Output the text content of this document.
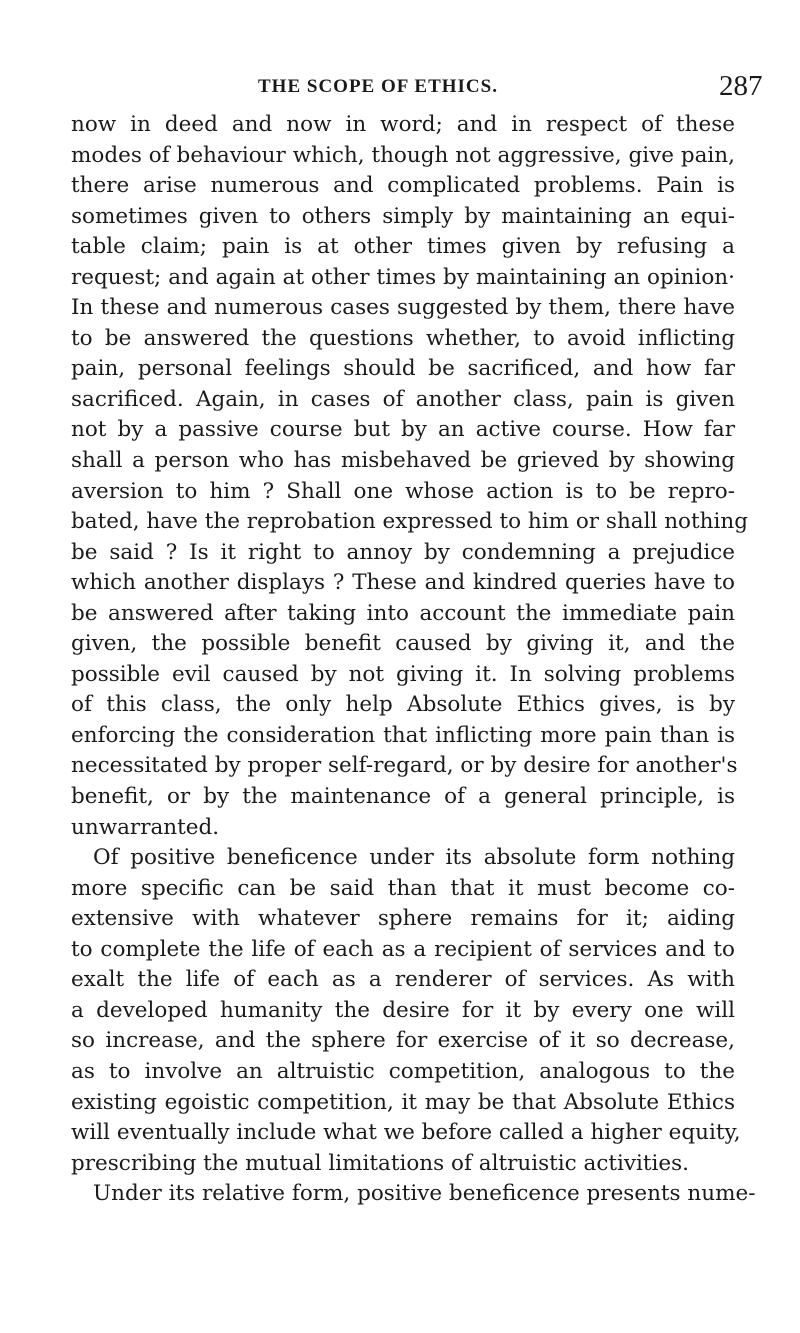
THE SCOPE OF ETHICS.	287
now in deed and now in word; and in respect of these
modes of behaviour which, though not aggressive, give pain,
there arise numerous and complicated problems. Pain is
sometimes given to others simply by maintaining an equi-
table claim; pain is at other times given by refusing a
request; and again at other times by maintaining an opinion·
In these and numerous cases suggested by them, there have
to be answered the questions whether, to avoid inflicting
pain, personal feelings should be sacrificed, and how far
sacrificed. Again, in cases of another class, pain is given
not by a passive course but by an active course. How far
shall a person who has misbehaved be grieved by showing
aversion to him ? Shall one whose action is to be repro-
bated, have the reprobation expressed to him or shall nothing
be said ? Is it right to annoy by condemning a prejudice
which another displays ? These and kindred queries have to
be answered after taking into account the immediate pain
given, the possible benefit caused by giving it, and the
possible evil caused by not giving it. In solving problems
of this class, the only help Absolute Ethics gives, is by
enforcing the consideration that inflicting more pain than is
necessitated by proper self-regard, or by desire for another's
benefit, or by the maintenance of a general principle, is
unwarranted.
Of positive beneficence under its absolute form nothing
more specific can be said than that it must become co-
extensive with whatever sphere remains for it; aiding
to complete the life of each as a recipient of services and to
exalt the life of each as a renderer of services. As with
a developed humanity the desire for it by every one will
so increase, and the sphere for exercise of it so decrease,
as to involve an altruistic competition, analogous to the
existing egoistic competition, it may be that Absolute Ethics
will eventually include what we before called a higher equity,
prescribing the mutual limitations of altruistic activities.
Under its relative form, positive beneficence presents nume-
